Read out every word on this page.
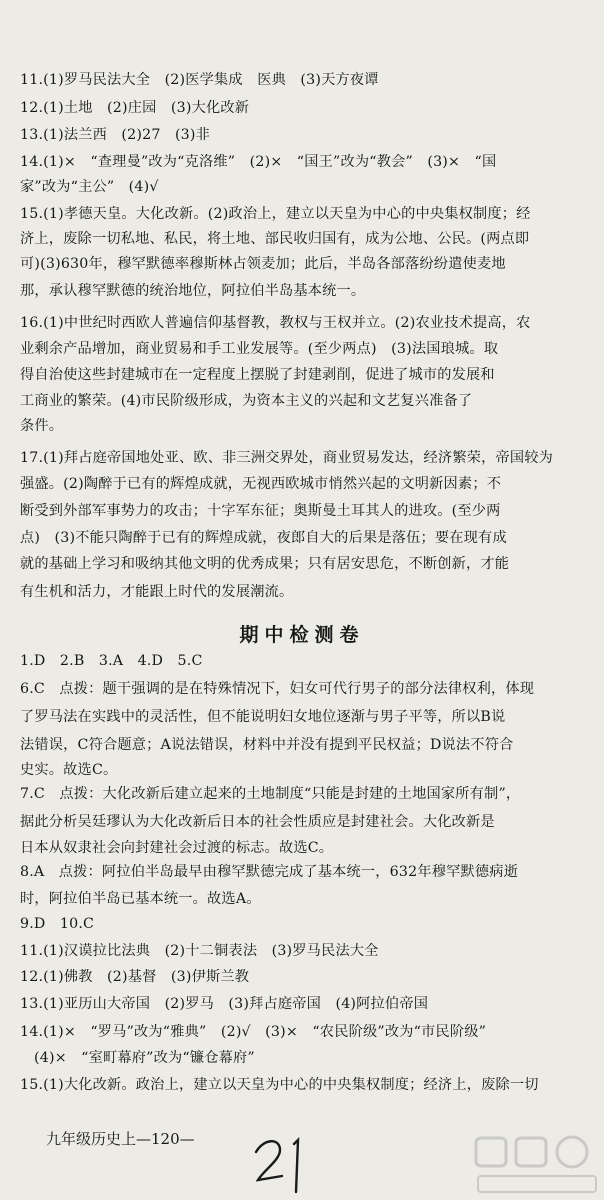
11.(1)罗马民法大全　(2)医学集成　医典　(3)天方夜谭
12.(1)土地　(2)庄园　(3)大化改新
13.(1)法兰西　(2)27　(3)非
14.(1)×　“查理曼”改为“克洛维”　(2)×　“国王”改为“教会”　(3)×　“国
家”改为“主公”　(4)√
15.(1)孝德天皇。大化改新。(2)政治上，建立以天皇为中心的中央集权制度；经
济上，废除一切私地、私民，将土地、部民收归国有，成为公地、公民。(两点即
可)(3)630年，穆罕默德率穆斯林占领麦加；此后，半岛各部落纷纷遣使麦地
那，承认穆罕默德的统治地位，阿拉伯半岛基本统一。
16.(1)中世纪时西欧人普遍信仰基督教，教权与王权并立。(2)农业技术提高，农
业剩余产品增加，商业贸易和手工业发展等。(至少两点)　(3)法国琅城。取
得自治使这些封建城市在一定程度上摆脱了封建剥削，促进了城市的发展和
工商业的繁荣。(4)市民阶级形成，为资本主义的兴起和文艺复兴准备了
条件。
17.(1)拜占庭帝国地处亚、欧、非三洲交界处，商业贸易发达，经济繁荣，帝国较为
强盛。(2)陶醉于已有的辉煌成就，无视西欧城市悄然兴起的文明新因素；不
断受到外部军事势力的攻击；十字军东征；奥斯曼土耳其人的进攻。(至少两
点)　(3)不能只陶醉于已有的辉煌成就，夜郎自大的后果是落伍；要在现有成
就的基础上学习和吸纳其他文明的优秀成果；只有居安思危，不断创新，才能
有生机和活力，才能跟上时代的发展潮流。
期中检测卷
1.D　2.B　3.A　4.D　5.C
6.C　点拨：题干强调的是在特殊情况下，妇女可代行男子的部分法律权利，体现
了罗马法在实践中的灵活性，但不能说明妇女地位逐渐与男子平等，所以B说
法错误，C符合题意；A说法错误，材料中并没有提到平民权益；D说法不符合
史实。故选C。
7.C　点拨：大化改新后建立起来的土地制度“只能是封建的土地国家所有制”，
据此分析吴廷璆认为大化改新后日本的社会性质应是封建社会。大化改新是
日本从奴隶社会向封建社会过渡的标志。故选C。
8.A　点拨：阿拉伯半岛最早由穆罕默德完成了基本统一，632年穆罕默德病逝
时，阿拉伯半岛已基本统一。故选A。
9.D　10.C
11.(1)汉谟拉比法典　(2)十二铜表法　(3)罗马民法大全
12.(1)佛教　(2)基督　(3)伊斯兰教
13.(1)亚历山大帝国　(2)罗马　(3)拜占庭帝国　(4)阿拉伯帝国
14.(1)×　“罗马”改为“雅典”　(2)√　(3)×　“农民阶级”改为“市民阶级”
(4)×　“室町幕府”改为“镰仓幕府”
15.(1)大化改新。政治上，建立以天皇为中心的中央集权制度；经济上，废除一切
九年级历史上—120—
